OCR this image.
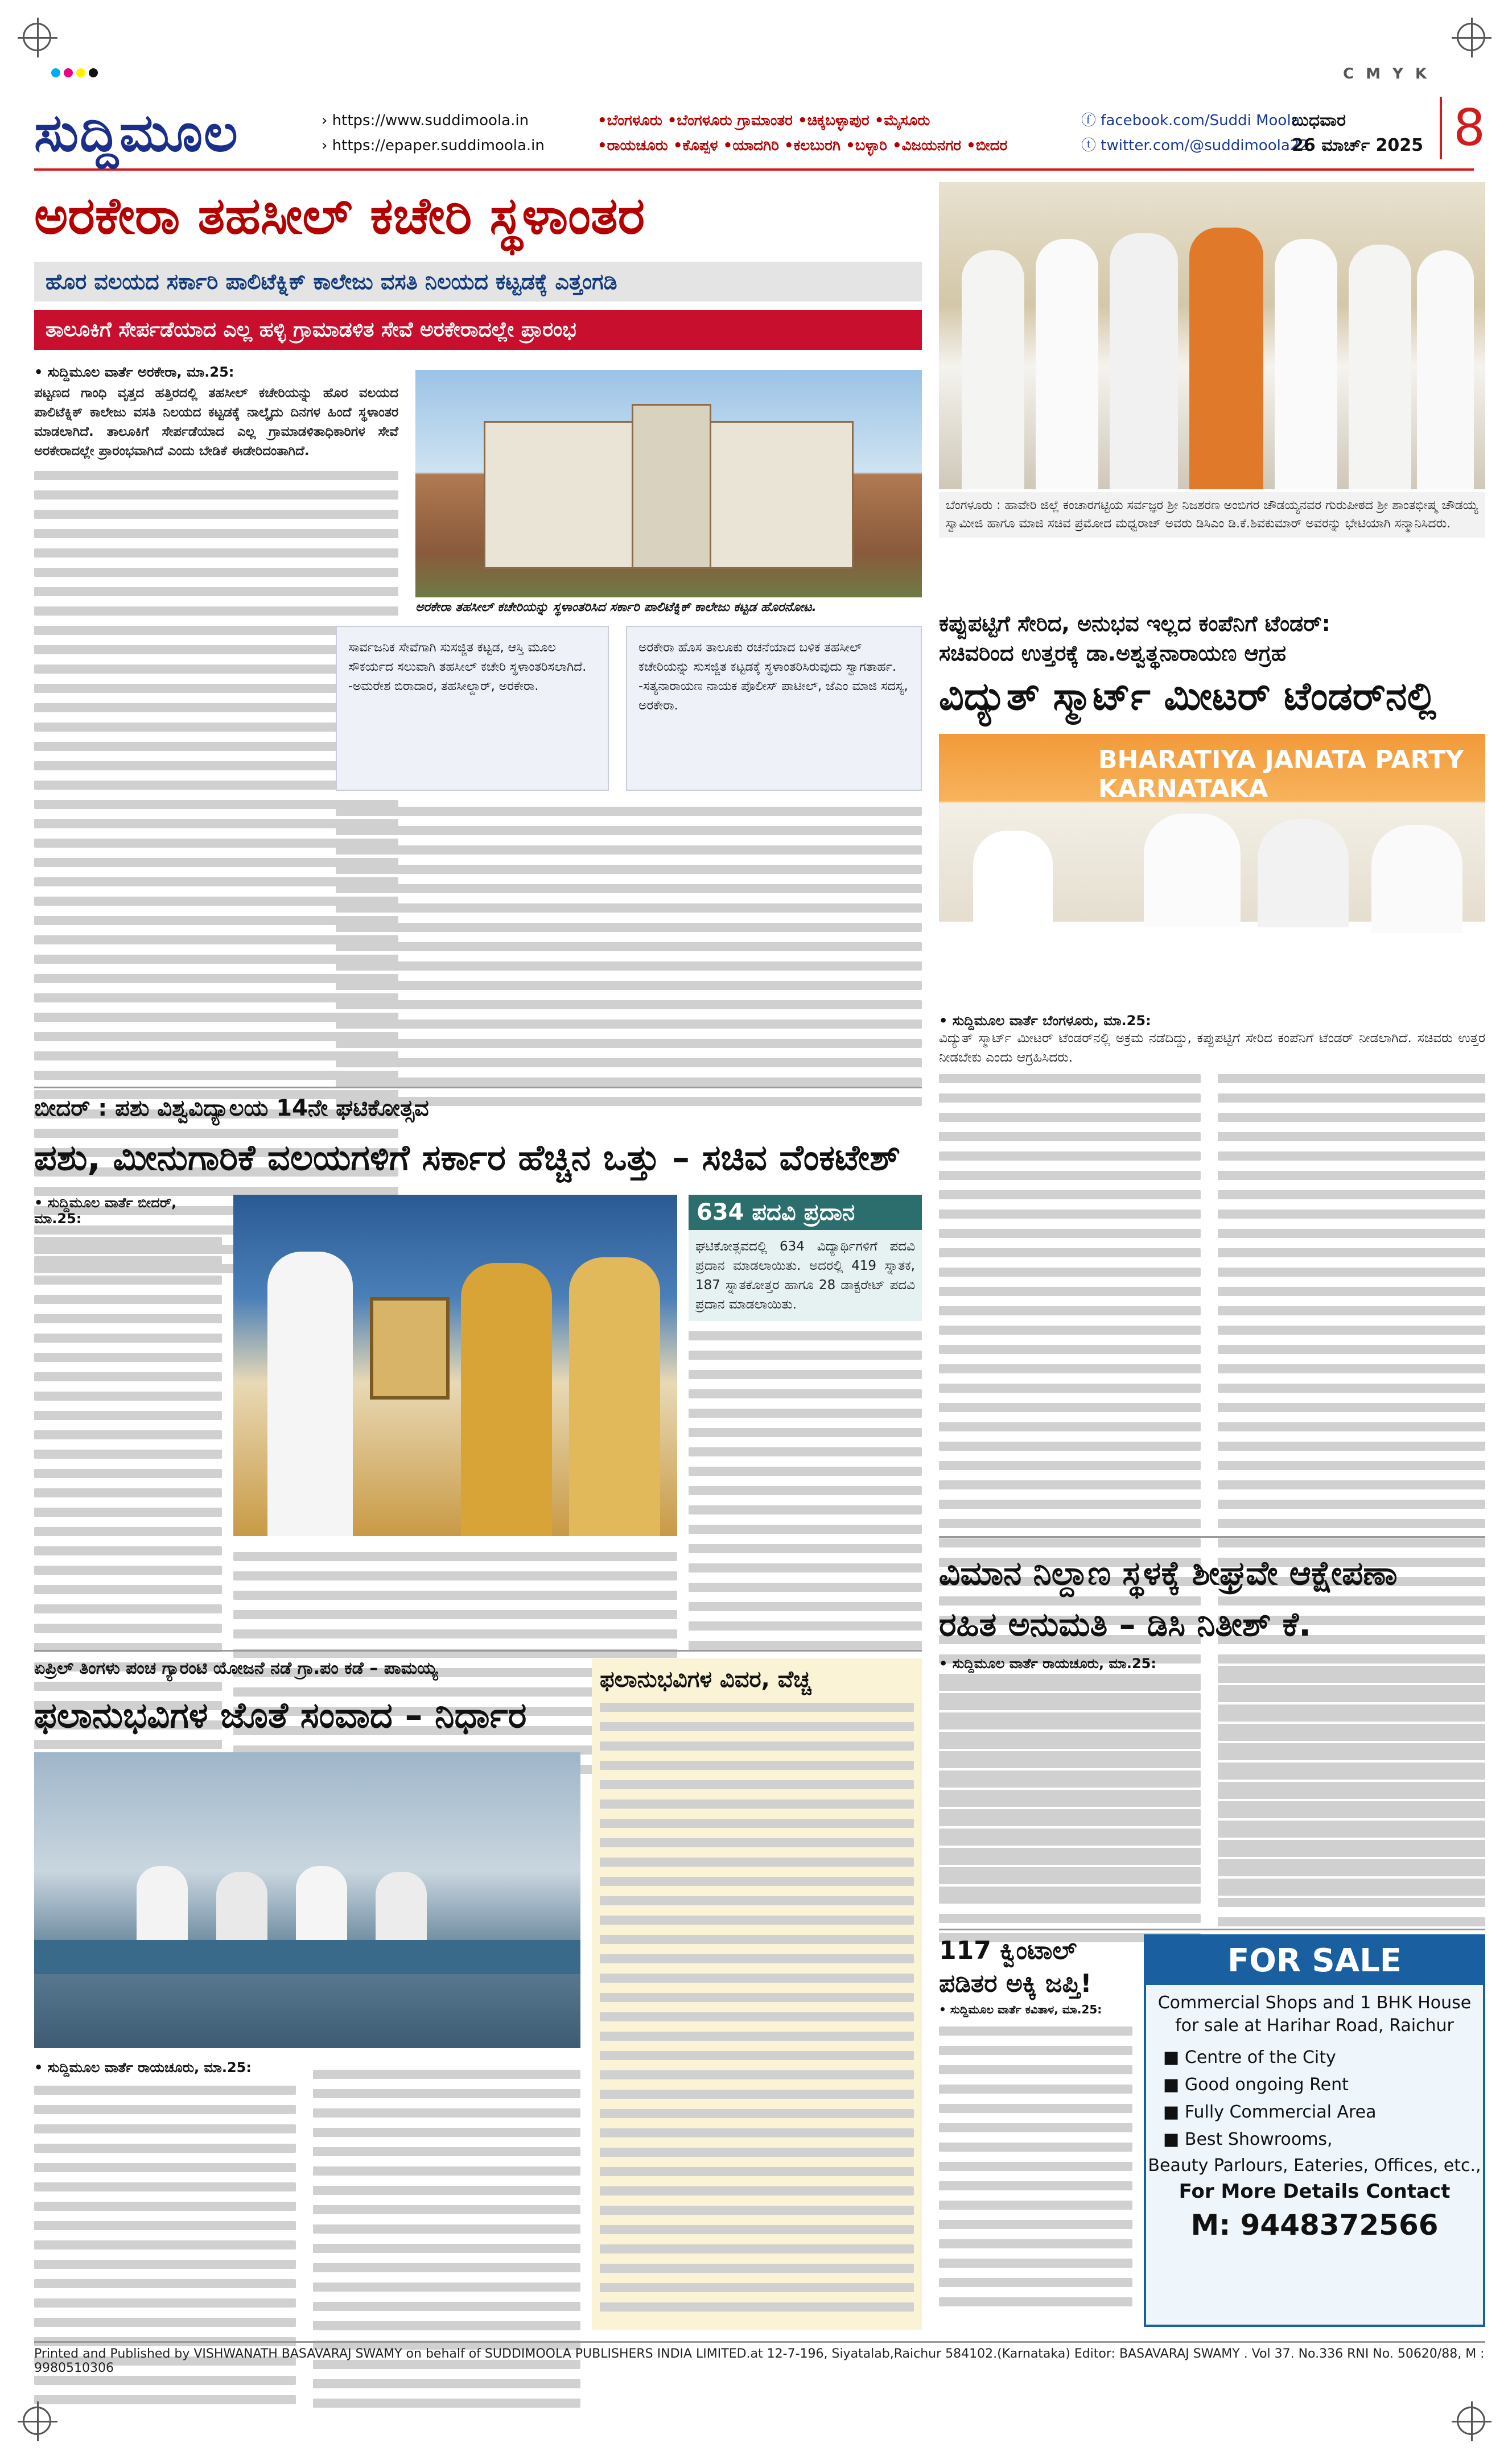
C M Y K
ಸುದ್ದಿಮೂಲ	› https://www.suddimoola.in
› https://epaper.suddimoola.in
•ಬೆಂಗಳೂರು •ಬೆಂಗಳೂರು ಗ್ರಾಮಾಂತರ •ಚಿಕ್ಕಬಳ್ಳಾಪುರ •ಮೈಸೂರು
•ರಾಯಚೂರು •ಕೊಪ್ಪಳ •ಯಾದಗಿರಿ •ಕಲಬುರಗಿ •ಬಳ್ಳಾರಿ •ವಿಜಯನಗರ •ಬೀದರ
ⓕ facebook.com/Suddi Moola
ⓣ twitter.com/@suddimoola22
ಬುಧವಾರ
26 ಮಾರ್ಚ್ 2025 8
ಅರಕೇರಾ ತಹಸೀಲ್ ಕಚೇರಿ ಸ್ಥಳಾಂತರ
ಹೊರ ವಲಯದ ಸರ್ಕಾರಿ ಪಾಲಿಟೆಕ್ನಿಕ್ ಕಾಲೇಜು ವಸತಿ ನಿಲಯದ ಕಟ್ಟಡಕ್ಕೆ ಎತ್ತಂಗಡಿ
ತಾಲೂಕಿಗೆ ಸೇರ್ಪಡೆಯಾದ ಎಲ್ಲ ಹಳ್ಳಿ ಗ್ರಾಮಾಡಳಿತ ಸೇವೆ ಅರಕೇರಾದಲ್ಲೇ ಪ್ರಾರಂಭ
• ಸುದ್ದಿಮೂಲ ವಾರ್ತೆ ಅರಕೇರಾ, ಮಾ.25:
ಪಟ್ಟಣದ ಗಾಂಧಿ ವೃತ್ತದ ಹತ್ತಿರದಲ್ಲಿ ತಹಸೀಲ್ ಕಚೇರಿಯನ್ನು ಹೊರ ವಲಯದ ಪಾಲಿಟೆಕ್ನಿಕ್ ಕಾಲೇಜು ವಸತಿ ನಿಲಯದ ಕಟ್ಟಡಕ್ಕೆ ನಾಲ್ಕೈದು ದಿನಗಳ ಹಿಂದೆ ಸ್ಥಳಾಂತರ ಮಾಡಲಾಗಿದೆ. ತಾಲೂಕಿಗೆ ಸೇರ್ಪಡೆಯಾದ ಎಲ್ಲ ಗ್ರಾಮಾಡಳಿತಾಧಿಕಾರಿಗಳ ಸೇವೆ ಅರಕೇರಾದಲ್ಲೇ ಪ್ರಾರಂಭವಾಗಿದೆ ಎಂದು ಬೇಡಿಕೆ ಈಡೇರಿದಂತಾಗಿದೆ.
ಅರಕೇರಾ ತಹಸೀಲ್ ಕಚೇರಿಯನ್ನು ಸ್ಥಳಾಂತರಿಸಿದ ಸರ್ಕಾರಿ ಪಾಲಿಟೆಕ್ನಿಕ್ ಕಾಲೇಜು ಕಟ್ಟಡ ಹೊರನೋಟ.
ಸಾರ್ವಜನಿಕ ಸೇವೆಗಾಗಿ ಸುಸಜ್ಜಿತ ಕಟ್ಟಡ, ಆಸ್ತಿ ಮೂಲ ಸೌಕರ್ಯದ ಸಲುವಾಗಿ ತಹಸೀಲ್ ಕಚೇರಿ ಸ್ಥಳಾಂತರಿಸಲಾಗಿದೆ. -ಅಮರೇಶ ಬಿರಾದಾರ, ತಹಸೀಲ್ದಾರ್, ಅರಕೇರಾ.
ಅರಕೇರಾ ಹೊಸ ತಾಲೂಕು ರಚನೆಯಾದ ಬಳಿಕ ತಹಸೀಲ್ ಕಚೇರಿಯನ್ನು ಸುಸಜ್ಜಿತ ಕಟ್ಟಡಕ್ಕೆ ಸ್ಥಳಾಂತರಿಸಿರುವುದು ಸ್ವಾಗತಾರ್ಹ. -ಸತ್ಯನಾರಾಯಣ ನಾಯಕ ಪೊಲೀಸ್ ಪಾಟೀಲ್, ಜೆಎಂ ಮಾಜಿ ಸದಸ್ಯ, ಅರಕೇರಾ.
ಬೆಂಗಳೂರು : ಹಾವೇರಿ ಜಿಲ್ಲೆ ಕಂಚಾರಗಟ್ಟಿಯ ಸರ್ವಜ್ಞರ ಶ್ರೀ ನಿಜಶರಣ ಅಂಬಿಗರ ಚೌಡಯ್ಯನವರ ಗುರುಪೀಠದ ಶ್ರೀ ಶಾಂತಭೀಷ್ಮ ಚೌಡಯ್ಯ ಸ್ವಾಮೀಜಿ ಹಾಗೂ ಮಾಜಿ ಸಚಿವ ಪ್ರಮೋದ ಮಧ್ವರಾಜ್ ಅವರು ಡಿಸಿಎಂ ಡಿ.ಕೆ.ಶಿವಕುಮಾರ್ ಅವರನ್ನು ಭೇಟಿಯಾಗಿ ಸನ್ಮಾನಿಸಿದರು.
ಕಪ್ಪುಪಟ್ಟಿಗೆ ಸೇರಿದ, ಅನುಭವ ಇಲ್ಲದ ಕಂಪೆನಿಗೆ ಟೆಂಡರ್:
ಸಚಿವರಿಂದ ಉತ್ತರಕ್ಕೆ ಡಾ.ಅಶ್ವತ್ಥನಾರಾಯಣ ಆಗ್ರಹ
ವಿದ್ಯುತ್ ಸ್ಮಾರ್ಟ್ ಮೀಟರ್ ಟೆಂಡರ್‌ನಲ್ಲಿ
BHARATIYA JANATA PARTY KARNATAKA
• ಸುದ್ದಿಮೂಲ ವಾರ್ತೆ ಬೆಂಗಳೂರು, ಮಾ.25:
ವಿದ್ಯುತ್ ಸ್ಮಾರ್ಟ್ ಮೀಟರ್ ಟೆಂಡರ್‌ನಲ್ಲಿ ಅಕ್ರಮ ನಡೆದಿದ್ದು, ಕಪ್ಪುಪಟ್ಟಿಗೆ ಸೇರಿದ ಕಂಪೆನಿಗೆ ಟೆಂಡರ್ ನೀಡಲಾಗಿದೆ. ಸಚಿವರು ಉತ್ತರ ನೀಡಬೇಕು ಎಂದು ಆಗ್ರಹಿಸಿದರು.
ಬೀದರ್ : ಪಶು ವಿಶ್ವವಿದ್ಯಾಲಯ 14ನೇ ಘಟಿಕೋತ್ಸವ
ಪಶು, ಮೀನುಗಾರಿಕೆ ವಲಯಗಳಿಗೆ ಸರ್ಕಾರ ಹೆಚ್ಚಿನ ಒತ್ತು – ಸಚಿವ ವೆಂಕಟೇಶ್
• ಸುದ್ದಿಮೂಲ ವಾರ್ತೆ ಬೀದರ್, ಮಾ.25:	634 ಪದವಿ ಪ್ರದಾನ
ಘಟಿಕೋತ್ಸವದಲ್ಲಿ 634 ವಿದ್ಯಾರ್ಥಿಗಳಿಗೆ ಪದವಿ ಪ್ರದಾನ ಮಾಡಲಾಯಿತು. ಅದರಲ್ಲಿ 419 ಸ್ನಾತಕ, 187 ಸ್ನಾತಕೋತ್ತರ ಹಾಗೂ 28 ಡಾಕ್ಟರೇಟ್ ಪದವಿ ಪ್ರದಾನ ಮಾಡಲಾಯಿತು.
ಏಪ್ರಿಲ್ ತಿಂಗಳು ಪಂಚ ಗ್ಯಾರಂಟಿ ಯೋಜನೆ ನಡೆ ಗ್ರಾ.ಪಂ ಕಡೆ – ಪಾಮಯ್ಯ
ಫಲಾನುಭವಿಗಳ ಜೊತೆ ಸಂವಾದ – ನಿರ್ಧಾರ
• ಸುದ್ದಿಮೂಲ ವಾರ್ತೆ ರಾಯಚೂರು, ಮಾ.25:
ಫಲಾನುಭವಿಗಳ ವಿವರ, ವೆಚ್ಚ
ವಿಮಾನ ನಿಲ್ದಾಣ ಸ್ಥಳಕ್ಕೆ ಶೀಘ್ರವೇ ಆಕ್ಷೇಪಣಾ
ರಹಿತ ಅನುಮತಿ – ಡಿಸಿ ನಿತೀಶ್ ಕೆ.
• ಸುದ್ದಿಮೂಲ ವಾರ್ತೆ ರಾಯಚೂರು, ಮಾ.25:
117 ಕ್ವಿಂಟಾಲ್ ಪಡಿತರ ಅಕ್ಕಿ ಜಪ್ತಿ!
• ಸುದ್ದಿಮೂಲ ವಾರ್ತೆ ಕವಿತಾಳ, ಮಾ.25:
FOR SALE
Commercial Shops and 1 BHK House for sale at Harihar Road, Raichur
■ Centre of the City
■ Good ongoing Rent
■ Fully Commercial Area
■ Best Showrooms,
Beauty Parlours, Eateries, Offices, etc.,
For More Details Contact
M: 9448372566
Printed and Published by VISHWANATH BASAVARAJ SWAMY on behalf of SUDDIMOOLA PUBLISHERS INDIA LIMITED.at 12-7-196, Siyatalab,Raichur 584102.(Karnataka) Editor: BASAVARAJ SWAMY . Vol 37. No.336 RNI No. 50620/88, M : 9980510306
